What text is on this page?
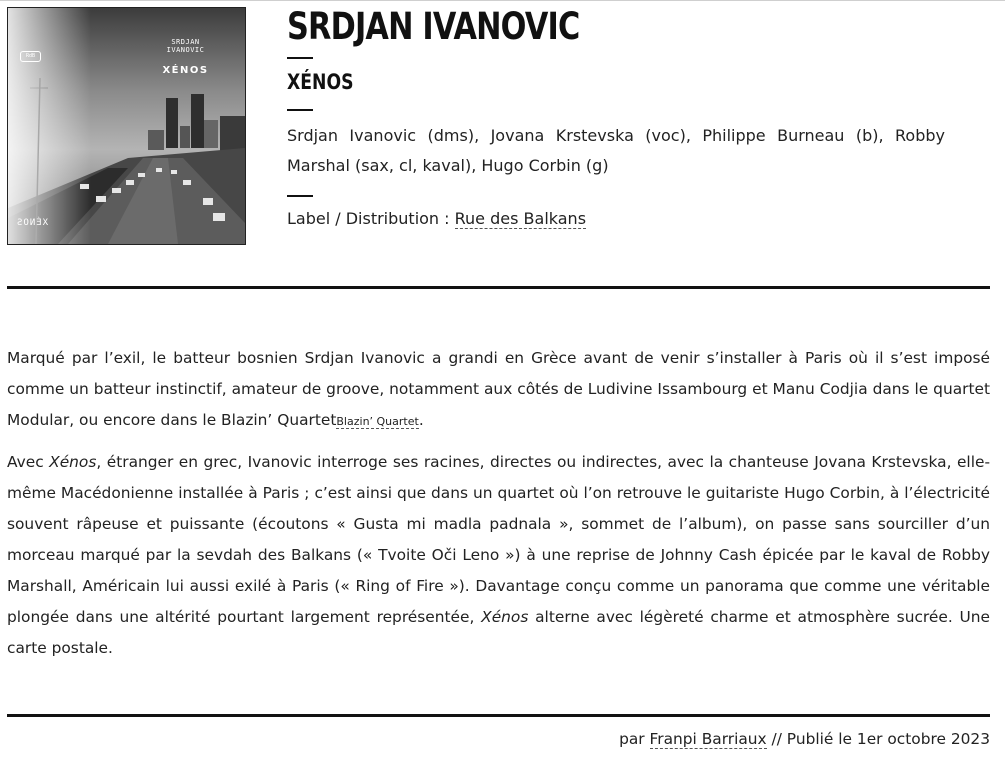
RdB
SRDJAN
IVANOVIC
XÉNOS
XÉNOS
SRDJAN IVANOVIC
XÉNOS
Srdjan Ivanovic (dms), Jovana Krstevska (voc), Philippe Burneau (b), Robby Marshal (sax, cl, kaval), Hugo Corbin (g)
Label / Distribution : Rue des Balkans

Marqué par l’exil, le batteur bosnien Srdjan Ivanovic a grandi en Grèce avant de venir s’installer à Paris où il s’est imposé comme un batteur instinctif, amateur de groove, notamment aux côtés de Ludivine Issambourg et Manu Codjia dans le quartet Modular, ou encore dans le Blazin’ QuartetBlazin’ Quartet.

Avec Xénos, étranger en grec, Ivanovic interroge ses racines, directes ou indirectes, avec la chanteuse Jovana Krstevska, elle-même Macédonienne installée à Paris ; c’est ainsi que dans un quartet où l’on retrouve le guitariste Hugo Corbin, à l’électricité souvent râpeuse et puissante (écoutons « Gusta mi madla padnala », sommet de l’album), on passe sans sourciller d’un morceau marqué par la sevdah des Balkans (« Tvoite Oči Leno ») à une reprise de Johnny Cash épicée par le kaval de Robby Marshall, Américain lui aussi exilé à Paris (« Ring of Fire »). Davantage conçu comme un panorama que comme une véritable plongée dans une altérité pourtant largement représentée, Xénos alterne avec légèreté charme et atmosphère sucrée. Une carte postale.

par Franpi Barriaux // Publié le 1er octobre 2023
